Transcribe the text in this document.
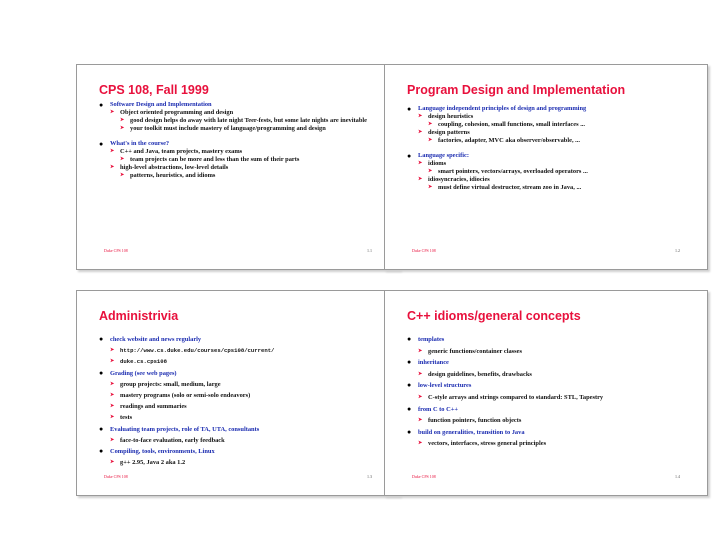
CPS 108, Fall 1999
● Software Design and Implementation
➤ Object oriented programming and design
➤ good design helps do away with late night Teer-fests, but some late nights are inevitable
➤ your toolkit must include mastery of language/programming and design
● What's in the course?
➤ C++ and Java, team projects, mastery exams
➤ team projects can be more and less than the sum of their parts
➤ high-level abstractions, low-level details
➤ patterns, heuristics, and idioms
Duke CPS 108	1.1
Program Design and Implementation
● Language independent principles of design and programming
➤ design heuristics
➤ coupling, cohesion, small functions, small interfaces ...
➤ design patterns
➤ factories, adapter, MVC aka observer/observable, ...
● Language specific:
➤ idioms
➤ smart pointers, vectors/arrays, overloaded operators ...
➤ idiosyncracies, idiocies
➤ must define virtual destructor, stream zoo in Java, ...
Duke CPS 108	1.2
Administrivia
● check website and news regularly
➤ http://www.cs.duke.edu/courses/cps108/current/
➤ duke.cs.cps108
● Grading (see web pages)
➤ group projects: small, medium, large
➤ mastery programs (solo or semi-solo endeavors)
➤ readings and summaries
➤ tests
● Evaluating team projects, role of TA, UTA, consultants
➤ face-to-face evaluation, early feedback
● Compiling, tools, environments, Linux
➤ g++ 2.95, Java 2 aka 1.2
Duke CPS 108	1.3
C++ idioms/general concepts
● templates
➤ generic functions/container classes
● inheritance
➤ design guidelines, benefits, drawbacks
● low-level structures
➤ C-style arrays and strings compared to standard: STL, Tapestry
● from C to C++
➤ function pointers, function objects
● build on generalities, transition to Java
➤ vectors, interfaces, stress general principles
Duke CPS 108	1.4
